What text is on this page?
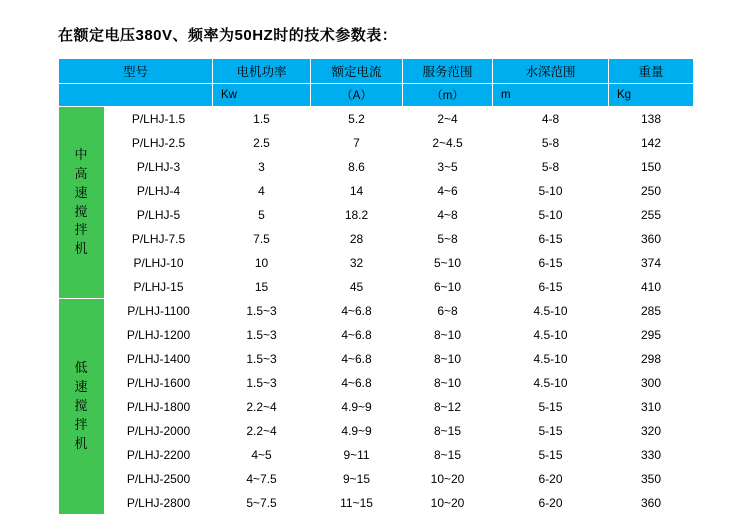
在额定电压380V、频率为50HZ时的技术参数表：
型号		电机功率	额定电流	服务范围	水深范围	重量
		Kw	（A）	（m）	m	Kg

中高速搅拌机	P/LHJ-1.5	1.5	5.2	2~4	4-8	138
	P/LHJ-2.5	2.5	7	2~4.5	5-8	142
	P/LHJ-3	3	8.6	3~5	5-8	150
	P/LHJ-4	4	14	4~6	5-10	250
	P/LHJ-5	5	18.2	4~8	5-10	255
	P/LHJ-7.5	7.5	28	5~8	6-15	360
	P/LHJ-10	10	32	5~10	6-15	374
	P/LHJ-15	15	45	6~10	6-15	410

低速搅拌机	P/LHJ-1100	1.5~3	4~6.8	6~8	4.5-10	285
	P/LHJ-1200	1.5~3	4~6.8	8~10	4.5-10	295
	P/LHJ-1400	1.5~3	4~6.8	8~10	4.5-10	298
	P/LHJ-1600	1.5~3	4~6.8	8~10	4.5-10	300
	P/LHJ-1800	2.2~4	4.9~9	8~12	5-15	310
	P/LHJ-2000	2.2~4	4.9~9	8~15	5-15	320
	P/LHJ-2200	4~5	9~11	8~15	5-15	330
	P/LHJ-2500	4~7.5	9~15	10~20	6-20	350
	P/LHJ-2800	5~7.5	11~15	10~20	6-20	360
